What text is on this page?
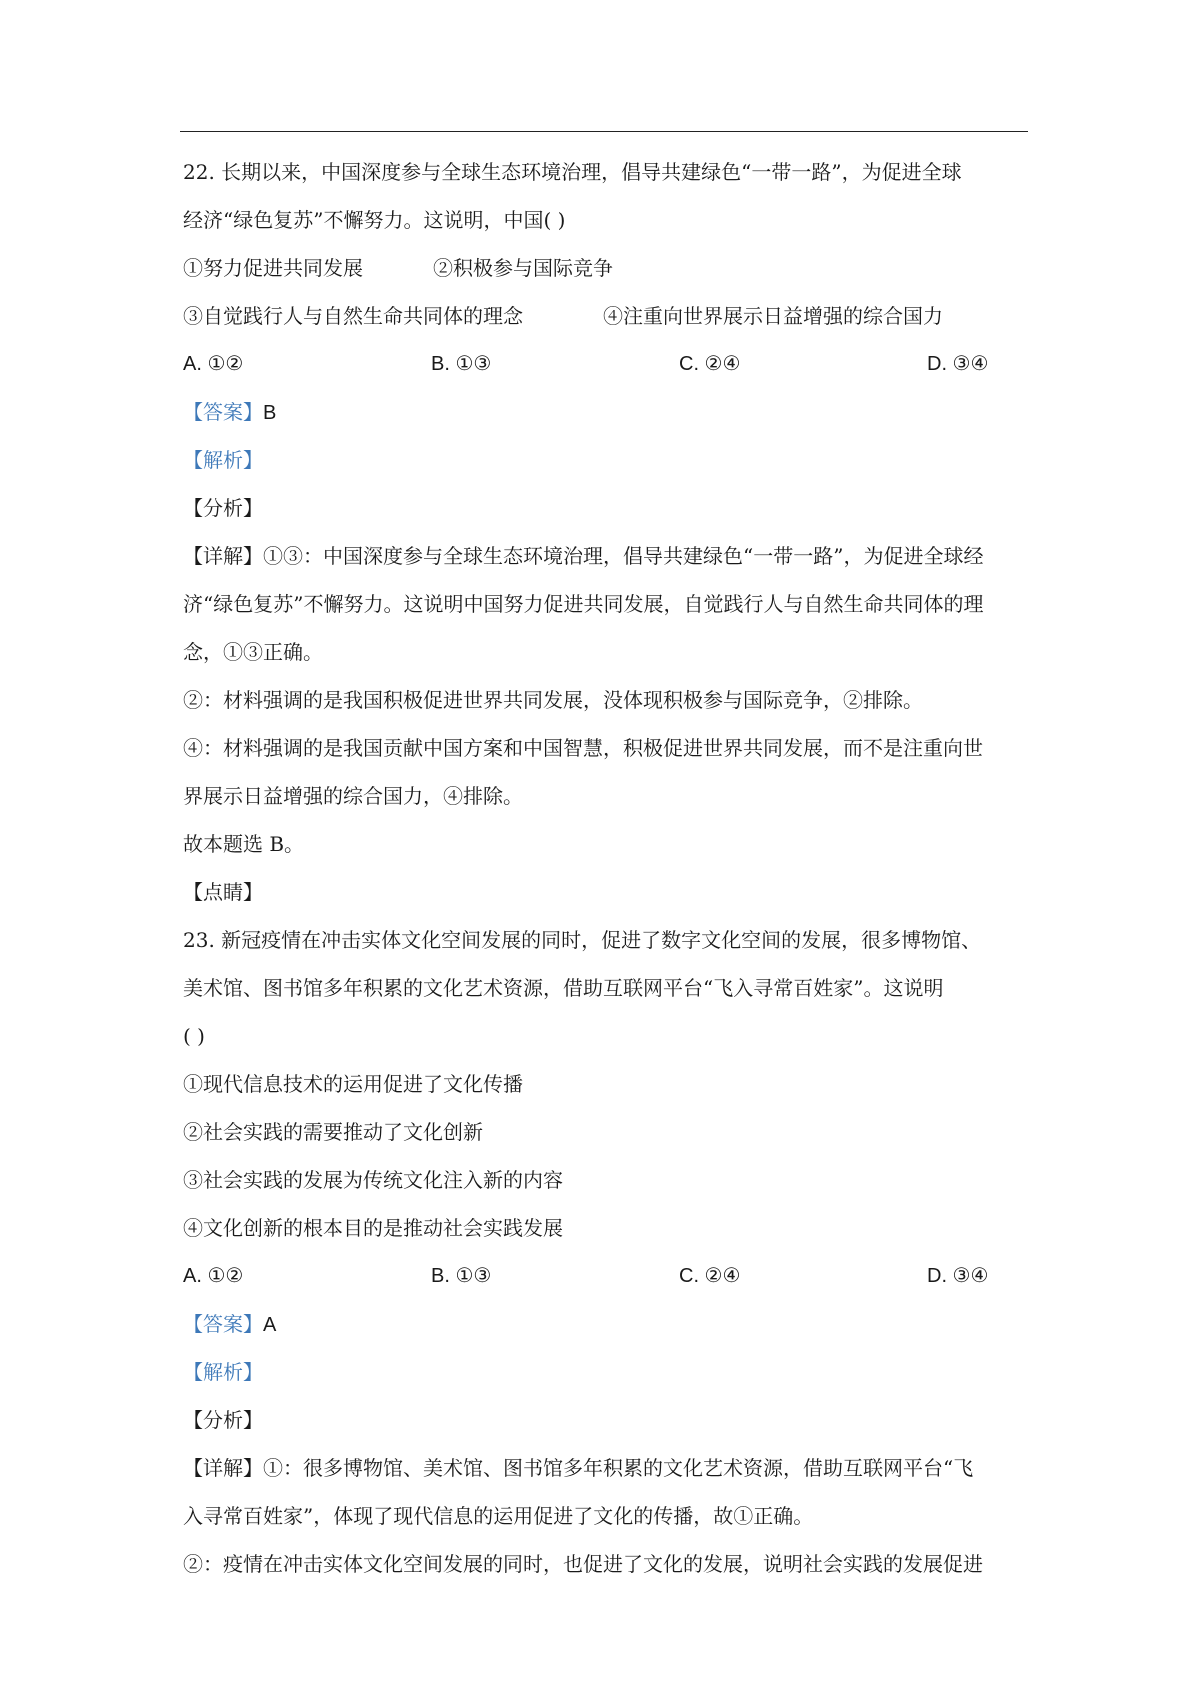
22. 长期以来，中国深度参与全球生态环境治理，倡导共建绿色“一带一路”，为促进全球
经济“绿色复苏”不懈努力。这说明，中国( )
①努力促进共同发展	②积极参与国际竞争
③自觉践行人与自然生命共同体的理念	④注重向世界展示日益增强的综合国力
A. ①②	B. ①③	C. ②④	D. ③④
【答案】B
【解析】
【分析】
【详解】①③：中国深度参与全球生态环境治理，倡导共建绿色“一带一路”，为促进全球经
济“绿色复苏”不懈努力。这说明中国努力促进共同发展，自觉践行人与自然生命共同体的理
念，①③正确。
②：材料强调的是我国积极促进世界共同发展，没体现积极参与国际竞争，②排除。
④：材料强调的是我国贡献中国方案和中国智慧，积极促进世界共同发展，而不是注重向世
界展示日益增强的综合国力，④排除。
故本题选 B。
【点睛】
23. 新冠疫情在冲击实体文化空间发展的同时，促进了数字文化空间的发展，很多博物馆、
美术馆、图书馆多年积累的文化艺术资源，借助互联网平台“飞入寻常百姓家”。这说明
( )
①现代信息技术的运用促进了文化传播
②社会实践的需要推动了文化创新
③社会实践的发展为传统文化注入新的内容
④文化创新的根本目的是推动社会实践发展
A. ①②	B. ①③	C. ②④	D. ③④
【答案】A
【解析】
【分析】
【详解】①：很多博物馆、美术馆、图书馆多年积累的文化艺术资源，借助互联网平台“飞
入寻常百姓家”，体现了现代信息的运用促进了文化的传播，故①正确。
②：疫情在冲击实体文化空间发展的同时，也促进了文化的发展，说明社会实践的发展促进
